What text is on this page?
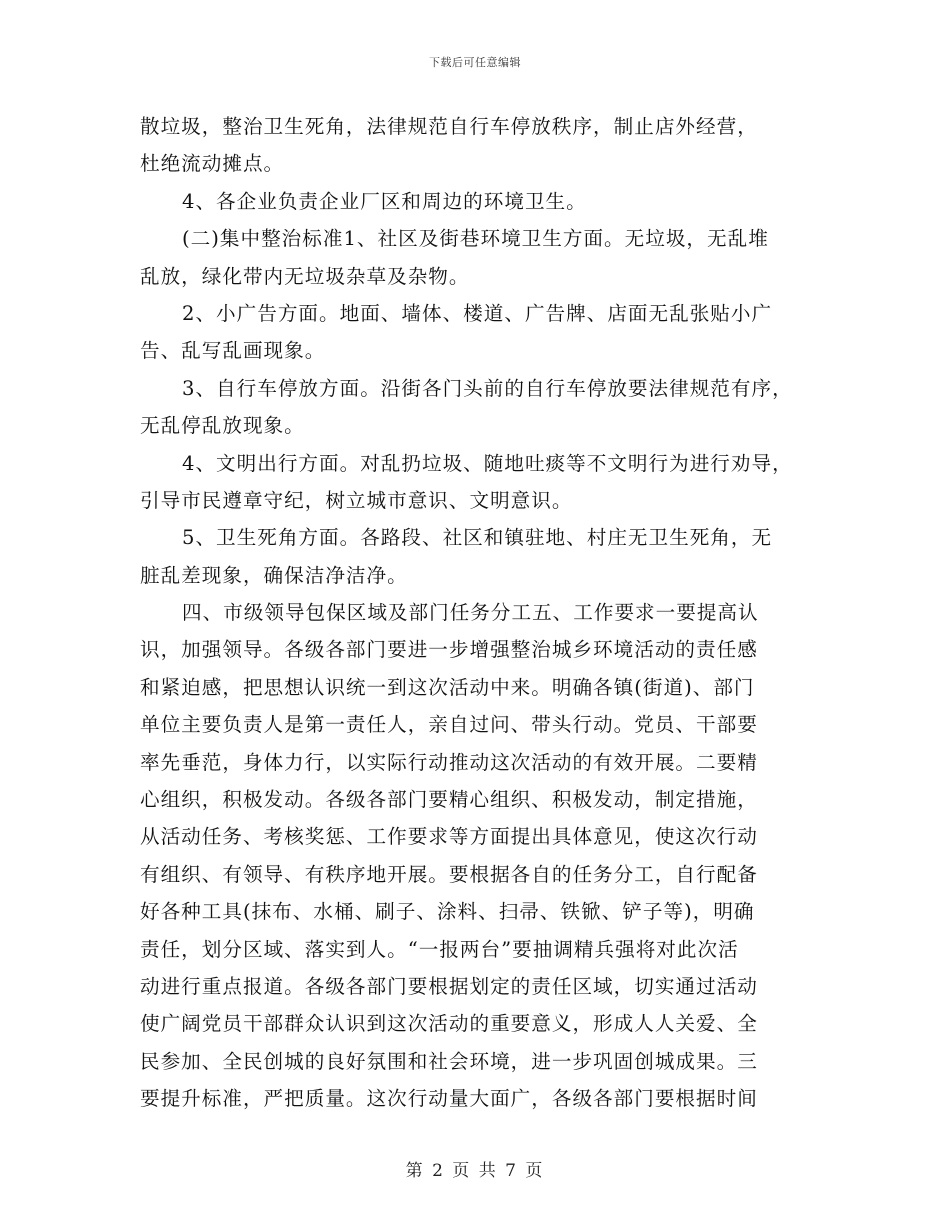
下载后可任意编辑
散垃圾，整治卫生死角，法律规范自行车停放秩序，制止店外经营，
杜绝流动摊点。
4、各企业负责企业厂区和周边的环境卫生。
(二)集中整治标准1、社区及街巷环境卫生方面。无垃圾，无乱堆
乱放，绿化带内无垃圾杂草及杂物。
2、小广告方面。地面、墙体、楼道、广告牌、店面无乱张贴小广
告、乱写乱画现象。
3、自行车停放方面。沿街各门头前的自行车停放要法律规范有序，
无乱停乱放现象。
4、文明出行方面。对乱扔垃圾、随地吐痰等不文明行为进行劝导，
引导市民遵章守纪，树立城市意识、文明意识。
5、卫生死角方面。各路段、社区和镇驻地、村庄无卫生死角，无
脏乱差现象，确保洁净洁净。
四、市级领导包保区域及部门任务分工五、工作要求一要提高认
识，加强领导。各级各部门要进一步增强整治城乡环境活动的责任感
和紧迫感，把思想认识统一到这次活动中来。明确各镇(街道)、部门
单位主要负责人是第一责任人，亲自过问、带头行动。党员、干部要
率先垂范，身体力行，以实际行动推动这次活动的有效开展。二要精
心组织，积极发动。各级各部门要精心组织、积极发动，制定措施，
从活动任务、考核奖惩、工作要求等方面提出具体意见，使这次行动
有组织、有领导、有秩序地开展。要根据各自的任务分工，自行配备
好各种工具(抹布、水桶、刷子、涂料、扫帚、铁锨、铲子等)，明确
责任，划分区域、落实到人。“一报两台”要抽调精兵强将对此次活
动进行重点报道。各级各部门要根据划定的责任区域，切实通过活动
使广阔党员干部群众认识到这次活动的重要意义，形成人人关爱、全
民参加、全民创城的良好氛围和社会环境，进一步巩固创城成果。三
要提升标准，严把质量。这次行动量大面广，各级各部门要根据时间
第 2 页 共 7 页
